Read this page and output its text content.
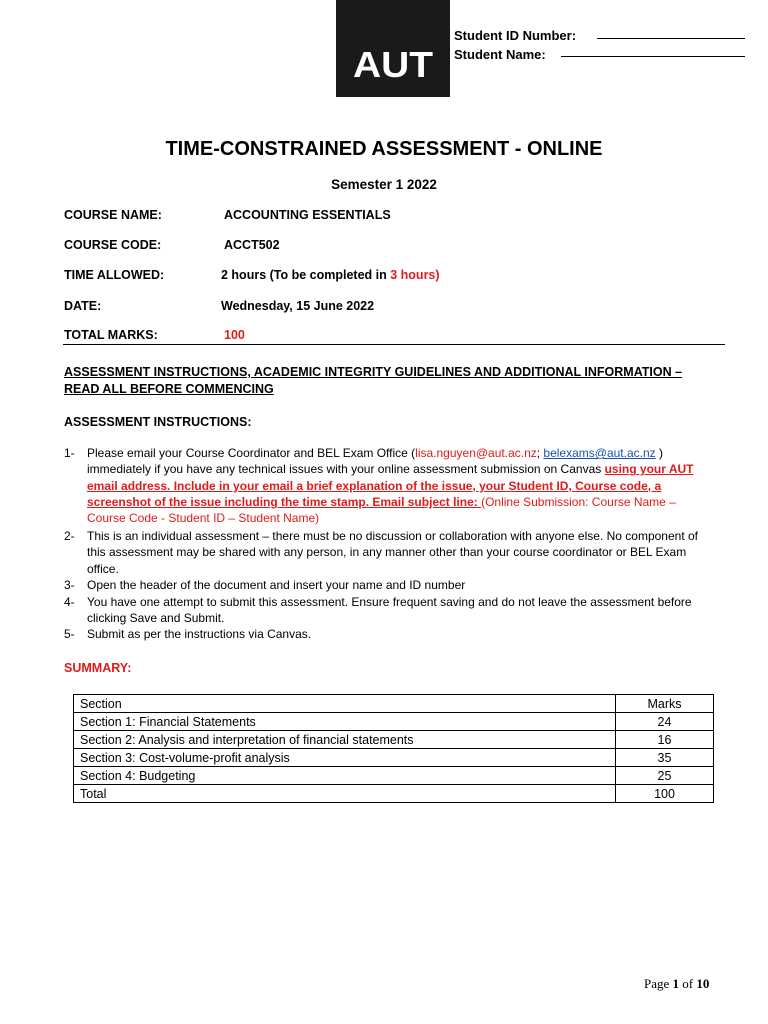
AUT
Student ID Number:
Student Name:
TIME-CONSTRAINED ASSESSMENT - ONLINE
Semester 1 2022
COURSE NAME:	ACCOUNTING ESSENTIALS
COURSE CODE:	ACCT502
TIME ALLOWED:	2 hours (To be completed in 3 hours)
DATE:	Wednesday, 15 June 2022
TOTAL MARKS:	100
ASSESSMENT INSTRUCTIONS, ACADEMIC INTEGRITY GUIDELINES AND ADDITIONAL INFORMATION – READ ALL BEFORE COMMENCING
ASSESSMENT INSTRUCTIONS:
1- Please email your Course Coordinator and BEL Exam Office (lisa.nguyen@aut.ac.nz; belexams@aut.ac.nz ) immediately if you have any technical issues with your online assessment submission on Canvas using your AUT email address. Include in your email a brief explanation of the issue, your Student ID, Course code, a screenshot of the issue including the time stamp. Email subject line: (Online Submission: Course Name – Course Code - Student ID – Student Name)
2- This is an individual assessment – there must be no discussion or collaboration with anyone else. No component of this assessment may be shared with any person, in any manner other than your course coordinator or BEL Exam office.
3- Open the header of the document and insert your name and ID number
4- You have one attempt to submit this assessment. Ensure frequent saving and do not leave the assessment before clicking Save and Submit.
5- Submit as per the instructions via Canvas.
SUMMARY:
Section	Marks
Section 1: Financial Statements	24
Section 2: Analysis and interpretation of financial statements	16
Section 3: Cost-volume-profit analysis	35
Section 4: Budgeting	25
Total	100
Page 1 of 10
